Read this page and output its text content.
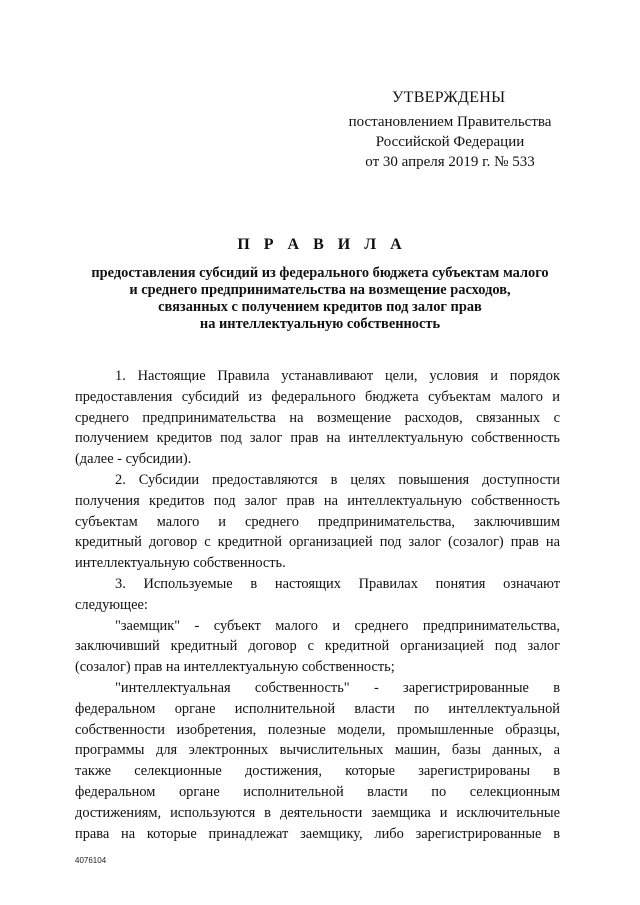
УТВЕРЖДЕНЫ
постановлением Правительства
Российской Федерации
от 30 апреля 2019 г. № 533
П Р А В И Л А
предоставления субсидий из федерального бюджета субъектам малого
и среднего предпринимательства на возмещение расходов,
связанных с получением кредитов под залог прав
на интеллектуальную собственность
1. Настоящие Правила устанавливают цели, условия и порядок
предоставления субсидий из федерального бюджета субъектам малого и
среднего предпринимательства на возмещение расходов, связанных с
получением кредитов под залог прав на интеллектуальную собственность
(далее - субсидии).
2. Субсидии предоставляются в целях повышения доступности
получения кредитов под залог прав на интеллектуальную собственность
субъектам малого и среднего предпринимательства, заключившим
кредитный договор с кредитной организацией под залог (созалог) прав на
интеллектуальную собственность.
3. Используемые в настоящих Правилах понятия означают
следующее:
"заемщик" - субъект малого и среднего предпринимательства,
заключивший кредитный договор с кредитной организацией под залог
(созалог) прав на интеллектуальную собственность;
"интеллектуальная собственность" - зарегистрированные в
федеральном органе исполнительной власти по интеллектуальной
собственности изобретения, полезные модели, промышленные образцы,
программы для электронных вычислительных машин, базы данных, а
также селекционные достижения, которые зарегистрированы в
федеральном органе исполнительной власти по селекционным
достижениям, используются в деятельности заемщика и исключительные
права на которые принадлежат заемщику, либо зарегистрированные в
4076104
